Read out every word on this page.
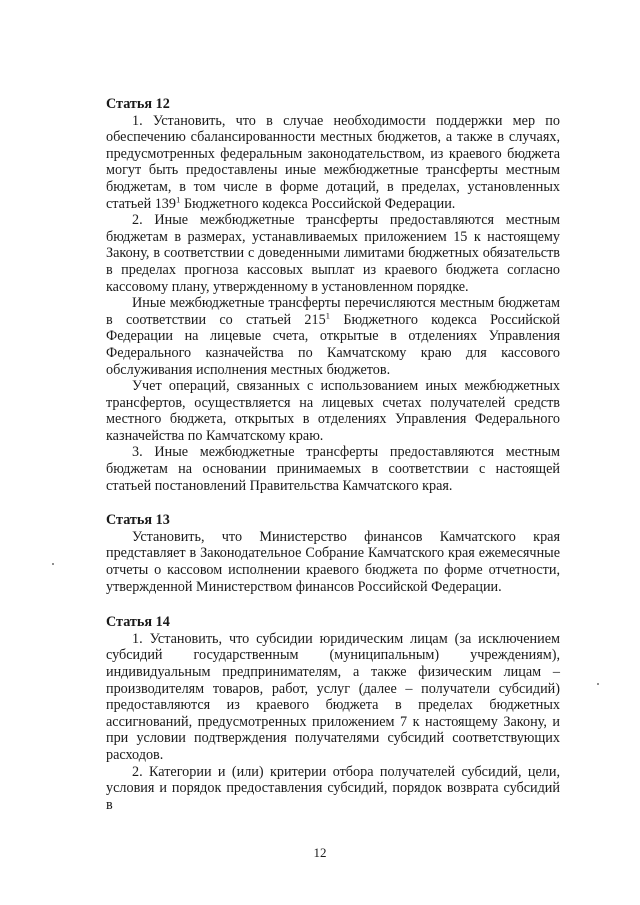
Статья 12

1. Установить, что в случае необходимости поддержки мер по обеспечению сбалансированности местных бюджетов, а также в случаях, предусмотренных федеральным законодательством, из краевого бюджета могут быть предоставлены иные межбюджетные трансферты местным бюджетам, в том числе в форме дотаций, в пределах, установленных статьей $139^1$ Бюджетного кодекса Российской Федерации.

2. Иные межбюджетные трансферты предоставляются местным бюджетам в размерах, устанавливаемых приложением 15 к настоящему Закону, в соответствии с доведенными лимитами бюджетных обязательств в пределах прогноза кассовых выплат из краевого бюджета согласно кассовому плану, утвержденному в установленном порядке.

Иные межбюджетные трансферты перечисляются местным бюджетам в соответствии со статьей $215^1$ Бюджетного кодекса Российской Федерации на лицевые счета, открытые в отделениях Управления Федерального казначейства по Камчатскому краю для кассового обслуживания исполнения местных бюджетов.

Учет операций, связанных с использованием иных межбюджетных трансфертов, осуществляется на лицевых счетах получателей средств местного бюджета, открытых в отделениях Управления Федерального казначейства по Камчатскому краю.

3. Иные межбюджетные трансферты предоставляются местным бюджетам на основании принимаемых в соответствии с настоящей статьей постановлений Правительства Камчатского края.

Статья 13

Установить, что Министерство финансов Камчатского края представляет в Законодательное Собрание Камчатского края ежемесячные отчеты о кассовом исполнении краевого бюджета по форме отчетности, утвержденной Министерством финансов Российской Федерации.

Статья 14

1. Установить, что субсидии юридическим лицам (за исключением субсидий государственным (муниципальным) учреждениям), индивидуальным предпринимателям, а также физическим лицам – производителям товаров, работ, услуг (далее – получатели субсидий) предоставляются из краевого бюджета в пределах бюджетных ассигнований, предусмотренных приложением 7 к настоящему Закону, и при условии подтверждения получателями субсидий соответствующих расходов.

2. Категории и (или) критерии отбора получателей субсидий, цели, условия и порядок предоставления субсидий, порядок возврата субсидий в

12
